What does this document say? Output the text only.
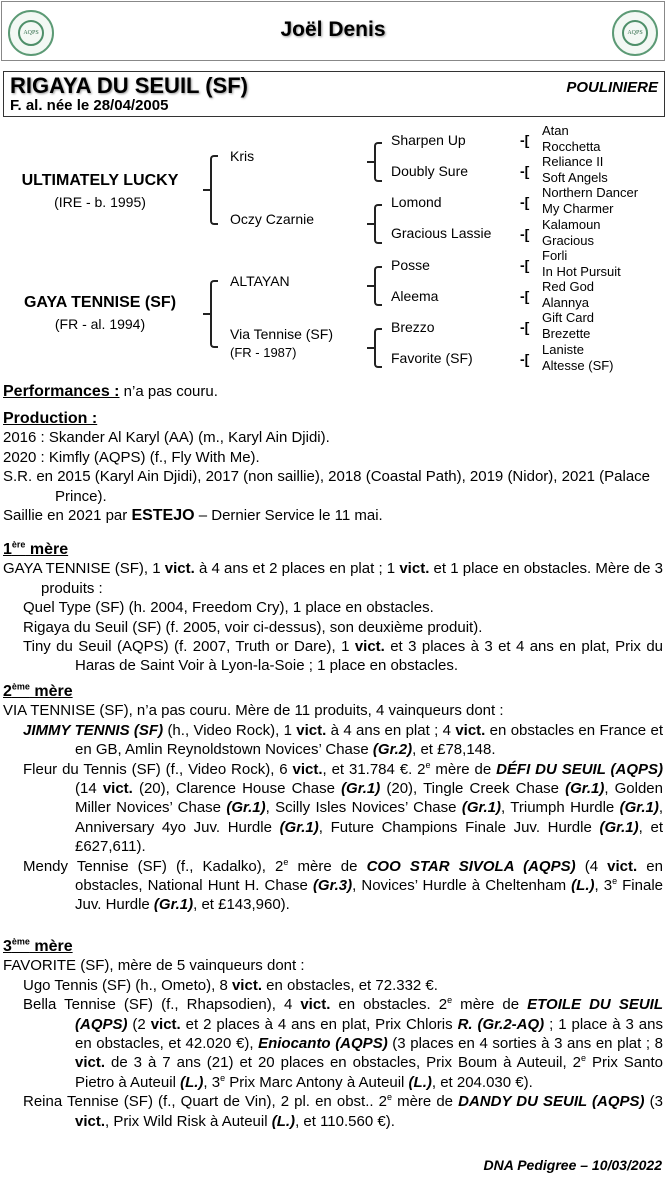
AQPS	Joël Denis	AQPS
RIGAYA DU SEUIL (SF)	POULINIERE
F. al. née le 28/04/2005
ULTIMATELY LUCKY
(IRE - b. 1995)
GAYA TENNISE (SF)
(FR - al. 1994)
Kris
Oczy Czarnie
ALTAYAN
Via Tennise (SF)
(FR - 1987)
Sharpen Up
Doubly Sure
Lomond
Gracious Lassie
Posse
Aleema
Brezzo
Favorite (SF)
-[
-[
-[
-[
-[
-[
-[
-[
Atan
Rocchetta
Reliance II
Soft Angels
Northern Dancer
My Charmer
Kalamoun
Gracious
Forli
In Hot Pursuit
Red God
Alannya
Gift Card
Brezette
Laniste
Altesse (SF)
Performances : n’a pas couru.
Production :
2016 : Skander Al Karyl (AA) (m., Karyl Ain Djidi).
2020 : Kimfly (AQPS) (f., Fly With Me).
S.R. en 2015 (Karyl Ain Djidi), 2017 (non saillie), 2018 (Coastal Path), 2019 (Nidor), 2021 (Palace Prince).
Saillie en 2021 par ESTEJO – Dernier Service le 11 mai.
1ère mère
GAYA TENNISE (SF), 1 vict. à 4 ans et 2 places en plat ; 1 vict. et 1 place en obstacles. Mère de 3 produits :
Quel Type (SF) (h. 2004, Freedom Cry), 1 place en obstacles.
Rigaya du Seuil (SF) (f. 2005, voir ci-dessus), son deuxième produit).
Tiny du Seuil (AQPS) (f. 2007, Truth or Dare), 1 vict. et 3 places à 3 et 4 ans en plat, Prix du Haras de Saint Voir à Lyon-la-Soie ; 1 place en obstacles.
2ème mère
VIA TENNISE (SF), n’a pas couru. Mère de 11 produits, 4 vainqueurs dont :
JIMMY TENNIS (SF) (h., Video Rock), 1 vict. à 4 ans en plat ; 4 vict. en obstacles en France et en GB, Amlin Reynoldstown Novices’ Chase (Gr.2), et £78,148.
Fleur du Tennis (SF) (f., Video Rock), 6 vict., et 31.784 €. 2e mère de DÉFI DU SEUIL (AQPS) (14 vict. (20), Clarence House Chase (Gr.1) (20), Tingle Creek Chase (Gr.1), Golden Miller Novices’ Chase (Gr.1), Scilly Isles Novices’ Chase (Gr.1), Triumph Hurdle (Gr.1), Anniversary 4yo Juv. Hurdle (Gr.1), Future Champions Finale Juv. Hurdle (Gr.1), et £627,611).
Mendy Tennise (SF) (f., Kadalko), 2e mère de COO STAR SIVOLA (AQPS) (4 vict. en obstacles, National Hunt H. Chase (Gr.3), Novices’ Hurdle à Cheltenham (L.), 3e Finale Juv. Hurdle (Gr.1), et £143,960).
3ème mère
FAVORITE (SF), mère de 5 vainqueurs dont :
Ugo Tennis (SF) (h., Ometo), 8 vict. en obstacles, et 72.332 €.
Bella Tennise (SF) (f., Rhapsodien), 4 vict. en obstacles. 2e mère de ETOILE DU SEUIL (AQPS) (2 vict. et 2 places à 4 ans en plat, Prix Chloris R. (Gr.2-AQ) ; 1 place à 3 ans en obstacles, et 42.020 €), Eniocanto (AQPS) (3 places en 4 sorties à 3 ans en plat ; 8 vict. de 3 à 7 ans (21) et 20 places en obstacles, Prix Boum à Auteuil, 2e Prix Santo Pietro à Auteuil (L.), 3e Prix Marc Antony à Auteuil (L.), et 204.030 €).
Reina Tennise (SF) (f., Quart de Vin), 2 pl. en obst.. 2e mère de DANDY DU SEUIL (AQPS) (3 vict., Prix Wild Risk à Auteuil (L.), et 110.560 €).
DNA Pedigree – 10/03/2022
